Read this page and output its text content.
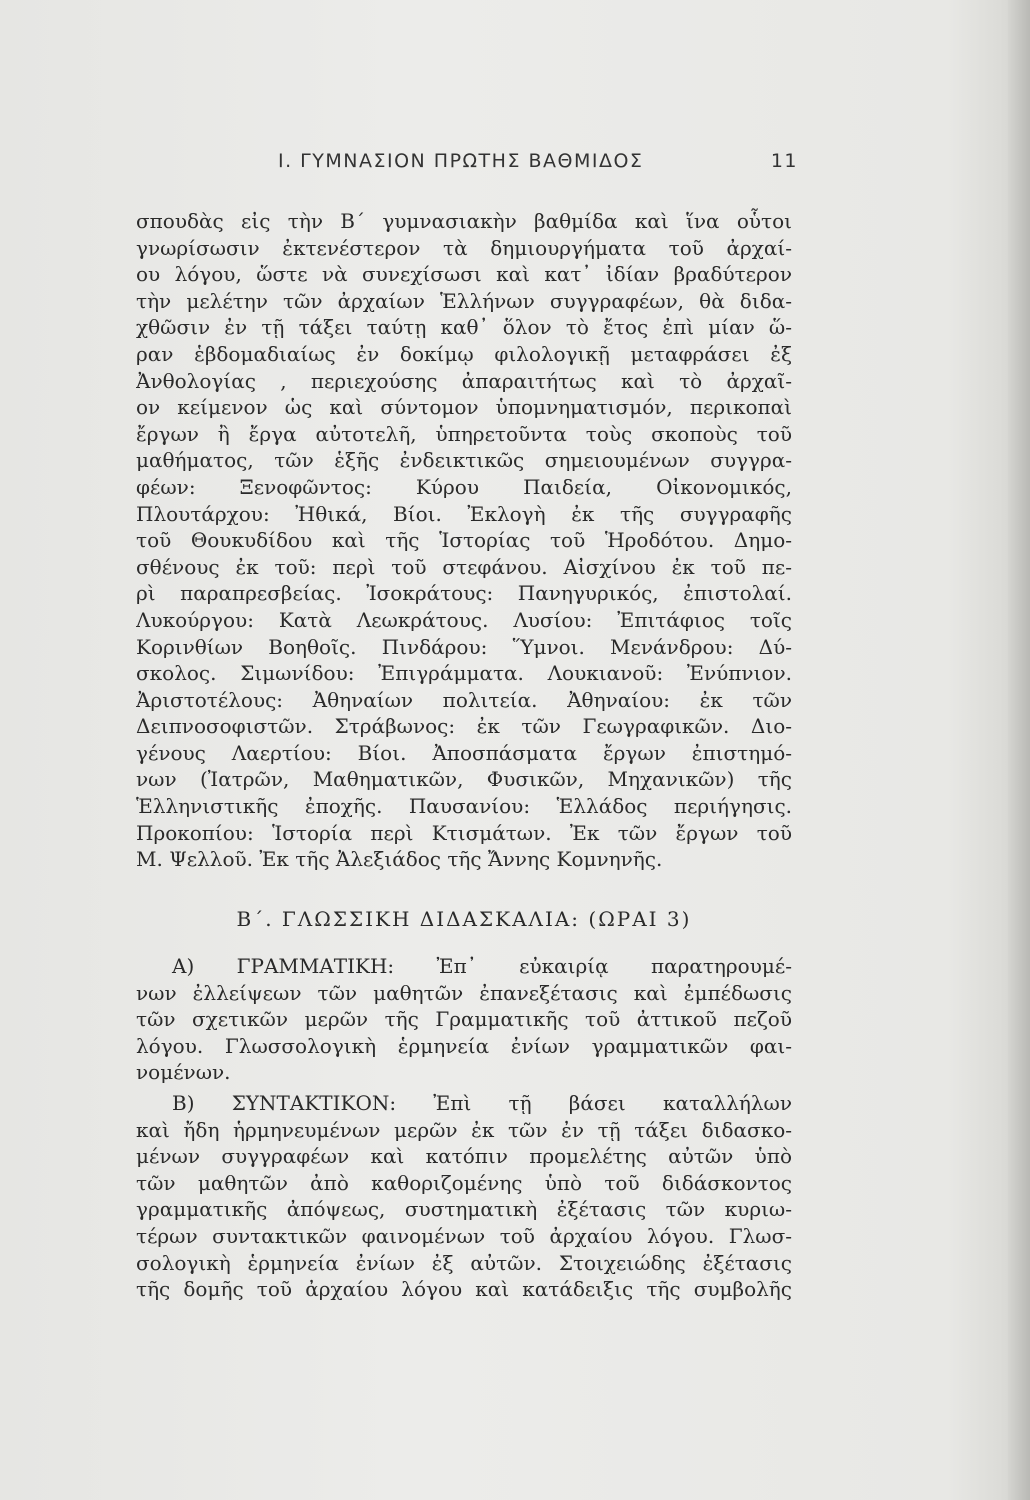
Ι. ΓΥΜΝΑΣΙΟΝ ΠΡΩΤΗΣ ΒΑΘΜΙΔΟΣ	11
σπουδὰς εἰς τὴν Β΄ γυμνασιακὴν βαθμίδα καὶ ἵνα οὗτοι
γνωρίσωσιν ἐκτενέστερον τὰ δημιουργήματα τοῦ ἀρχαί-
ου λόγου, ὥστε νὰ συνεχίσωσι καὶ κατ᾽ ἰδίαν βραδύτερον
τὴν μελέτην τῶν ἀρχαίων Ἑλλήνων συγγραφέων, θὰ διδα-
χθῶσιν ἐν τῇ τάξει ταύτῃ καθ᾽ ὅλον τὸ ἔτος ἐπὶ μίαν ὥ-
ραν ἑβδομαδιαίως ἐν δοκίμῳ φιλολογικῇ μεταφράσει ἐξ
Ἀνθολογίας , περιεχούσης ἀπαραιτήτως καὶ τὸ ἀρχαῖ-
ον κείμενον ὡς καὶ σύντομον ὑπομνηματισμόν, περικοπαὶ
ἔργων ἢ ἔργα αὐτοτελῆ, ὑπηρετοῦντα τοὺς σκοποὺς τοῦ
μαθήματος, τῶν ἑξῆς ἐνδεικτικῶς σημειουμένων συγγρα-
φέων: Ξενοφῶντος: Κύρου Παιδεία, Οἰκονομικός,
Πλουτάρχου: Ἠθικά, Βίοι. Ἐκλογὴ ἐκ τῆς συγγραφῆς
τοῦ Θουκυδίδου καὶ τῆς Ἱστορίας τοῦ Ἡροδότου. Δημο-
σθένους ἐκ τοῦ: περὶ τοῦ στεφάνου. Αἰσχίνου ἐκ τοῦ πε-
ρὶ παραπρεσβείας. Ἰσοκράτους: Πανηγυρικός, ἐπιστολαί.
Λυκούργου: Κατὰ Λεωκράτους. Λυσίου: Ἐπιτάφιος τοῖς
Κορινθίων Βοηθοῖς. Πινδάρου: Ὕμνοι. Μενάνδρου: Δύ-
σκολος. Σιμωνίδου: Ἐπιγράμματα. Λουκιανοῦ: Ἐνύπνιον.
Ἀριστοτέλους: Ἀθηναίων πολιτεία. Ἀθηναίου: ἐκ τῶν
Δειπνοσοφιστῶν. Στράβωνος: ἐκ τῶν Γεωγραφικῶν. Διο-
γένους Λαερτίου: Βίοι. Ἀποσπάσματα ἔργων ἐπιστημό-
νων (Ἰατρῶν, Μαθηματικῶν, Φυσικῶν, Μηχανικῶν) τῆς
Ἑλληνιστικῆς ἐποχῆς. Παυσανίου: Ἑλλάδος περιήγησις.
Προκοπίου: Ἱστορία περὶ Κτισμάτων. Ἐκ τῶν ἔργων τοῦ
Μ. Ψελλοῦ. Ἐκ τῆς Ἀλεξιάδος τῆς Ἄννης Κομνηνῆς.
Β΄. ΓΛΩΣΣΙΚΗ ΔΙΔΑΣΚΑΛΙΑ: (ΩΡΑΙ 3)
Α) ΓΡΑΜΜΑΤΙΚΗ: Ἐπ᾽ εὐκαιρίᾳ παρατηρουμέ-
νων ἐλλείψεων τῶν μαθητῶν ἐπανεξέτασις καὶ ἐμπέδωσις
τῶν σχετικῶν μερῶν τῆς Γραμματικῆς τοῦ ἀττικοῦ πεζοῦ
λόγου. Γλωσσολογικὴ ἑρμηνεία ἐνίων γραμματικῶν φαι-
νομένων.
Β) ΣΥΝΤΑΚΤΙΚΟΝ: Ἐπὶ τῇ βάσει καταλλήλων
καὶ ἤδη ἡρμηνευμένων μερῶν ἐκ τῶν ἐν τῇ τάξει διδασκο-
μένων συγγραφέων καὶ κατόπιν προμελέτης αὐτῶν ὑπὸ
τῶν μαθητῶν ἀπὸ καθοριζομένης ὑπὸ τοῦ διδάσκοντος
γραμματικῆς ἀπόψεως, συστηματικὴ ἐξέτασις τῶν κυριω-
τέρων συντακτικῶν φαινομένων τοῦ ἀρχαίου λόγου. Γλωσ-
σολογικὴ ἑρμηνεία ἐνίων ἐξ αὐτῶν. Στοιχειώδης ἐξέτασις
τῆς δομῆς τοῦ ἀρχαίου λόγου καὶ κατάδειξις τῆς συμβολῆς
